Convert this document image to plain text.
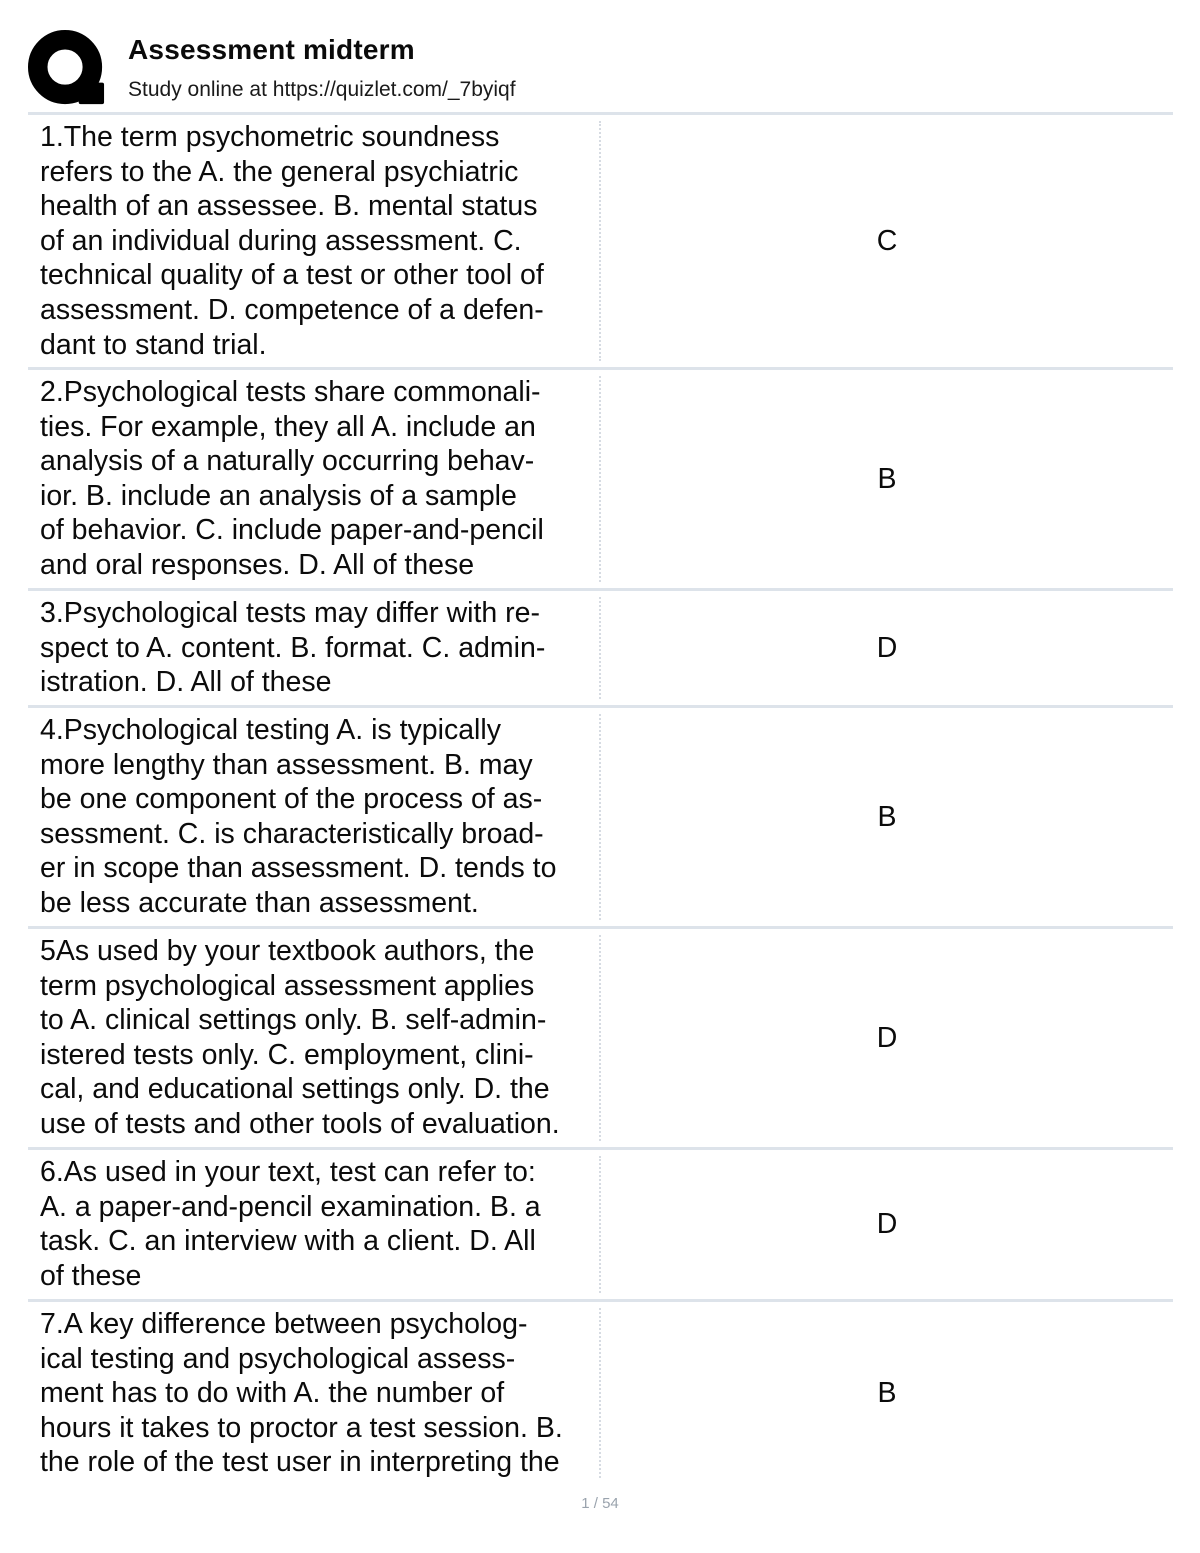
Assessment midterm
Study online at https://quizlet.com/_7byiqf
1.The term psychometric soundness
refers to the A. the general psychiatric
health of an assessee. B. mental status
of an individual during assessment. C.
technical quality of a test or other tool of
assessment. D. competence of a defen-
dant to stand trial.
C
2.Psychological tests share commonali-
ties. For example, they all A. include an
analysis of a naturally occurring behav-
ior. B. include an analysis of a sample
of behavior. C. include paper-and-pencil
and oral responses. D. All of these
B
3.Psychological tests may differ with re-
spect to A. content. B. format. C. admin-
istration. D. All of these
D
4.Psychological testing A. is typically
more lengthy than assessment. B. may
be one component of the process of as-
sessment. C. is characteristically broad-
er in scope than assessment. D. tends to
be less accurate than assessment.
B
5As used by your textbook authors, the
term psychological assessment applies
to A. clinical settings only. B. self-admin-
istered tests only. C. employment, clini-
cal, and educational settings only. D. the
use of tests and other tools of evaluation.
D
6.As used in your text, test can refer to:
A. a paper-and-pencil examination. B. a
task. C. an interview with a client. D. All
of these
D
7.A key difference between psycholog-
ical testing and psychological assess-
ment has to do with A. the number of
hours it takes to proctor a test session. B.
the role of the test user in interpreting the
B
1 / 54
